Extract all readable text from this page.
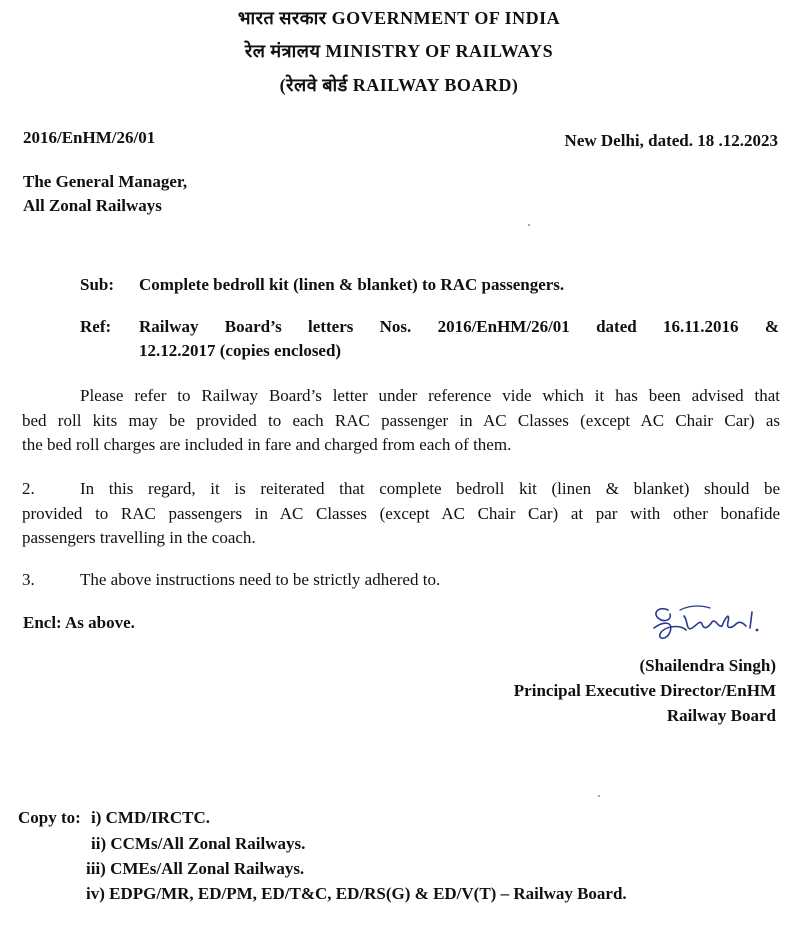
भारत सरकार GOVERNMENT OF INDIA
रेल मंत्रालय MINISTRY OF RAILWAYS
(रेलवे बोर्ड RAILWAY BOARD)
2016/EnHM/26/01	New Delhi, dated. 18 .12.2023
The General Manager,
All Zonal Railways
Sub: Complete bedroll kit (linen & blanket) to RAC passengers.
Ref: Railway Board’s letters Nos. 2016/EnHM/26/01 dated 16.11.2016 &
12.12.2017 (copies enclosed)
Please refer to Railway Board’s letter under reference vide which it has been advised that
bed roll kits may be provided to each RAC passenger in AC Classes (except AC Chair Car) as
the bed roll charges are included in fare and charged from each of them.
2.	In this regard, it is reiterated that complete bedroll kit (linen & blanket) should be
provided to RAC passengers in AC Classes (except AC Chair Car) at par with other bonafide
passengers travelling in the coach.
3.	The above instructions need to be strictly adhered to.
Encl: As above.
(Shailendra Singh)
Principal Executive Director/EnHM
Railway Board
Copy to: i) CMD/IRCTC.
ii) CCMs/All Zonal Railways.
iii) CMEs/All Zonal Railways.
iv) EDPG/MR, ED/PM, ED/T&C, ED/RS(G) & ED/V(T) – Railway Board.
